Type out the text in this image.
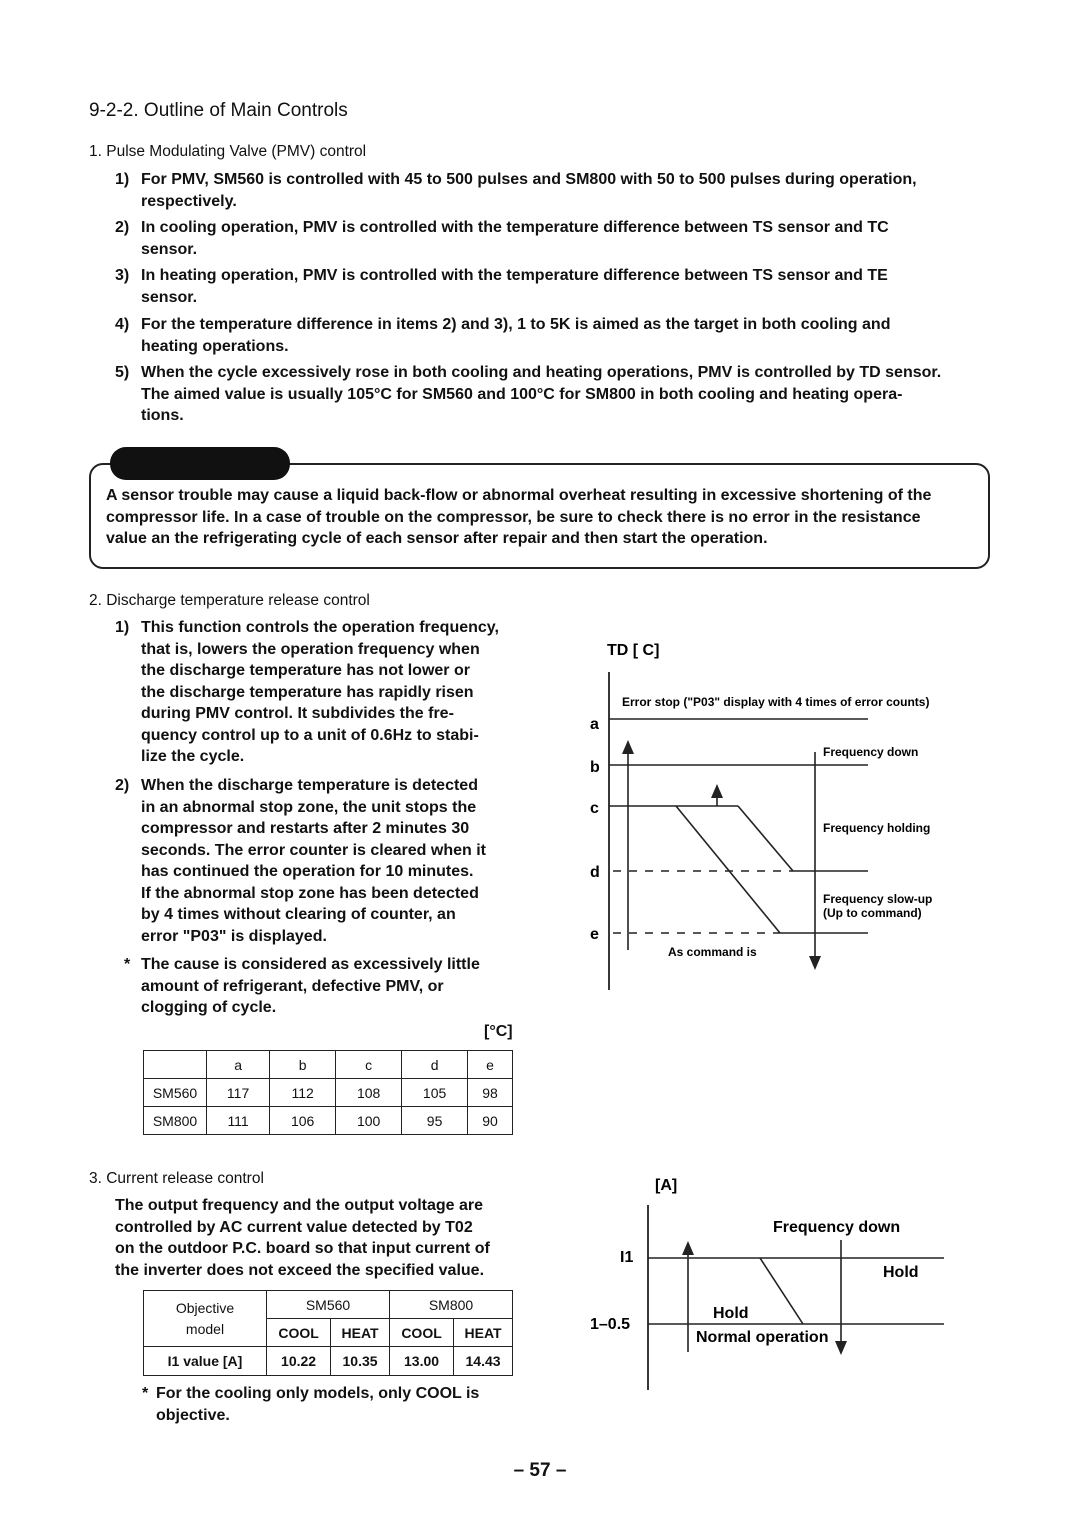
9-2-2. Outline of Main Controls
1. Pulse Modulating Valve (PMV) control
1) For PMV, SM560 is controlled with 45 to 500 pulses and SM800 with 50 to 500 pulses during operation,
respectively.
2) In cooling operation, PMV is controlled with the temperature difference between TS sensor and TC
sensor.
3) In heating operation, PMV is controlled with the temperature difference between TS sensor and TE
sensor.
4) For the temperature difference in items 2) and 3), 1 to 5K is aimed as the target in both cooling and
heating operations.
5) When the cycle excessively rose in both cooling and heating operations, PMV is controlled by TD sensor.
The aimed value is usually 105°C for SM560 and 100°C for SM800 in both cooling and heating opera-
tions.
A sensor trouble may cause a liquid back-flow or abnormal overheat resulting in excessive shortening of the
compressor life. In a case of trouble on the compressor, be sure to check there is no error in the resistance
value an the refrigerating cycle of each sensor after repair and then start the operation.
2. Discharge temperature release control
1) This function controls the operation frequency,
that is, lowers the operation frequency when
the discharge temperature has not lower or
the discharge temperature has rapidly risen
during PMV control. It subdivides the fre-
quency control up to a unit of 0.6Hz to stabi-
lize the cycle.
2) When the discharge temperature is detected
in an abnormal stop zone, the unit stops the
compressor and restarts after 2 minutes 30
seconds. The error counter is cleared when it
has continued the operation for 10 minutes.
If the abnormal stop zone has been detected
by 4 times without clearing of counter, an
error "P03" is displayed.
* The cause is considered as excessively little
amount of refrigerant, defective PMV, or
clogging of cycle.
[°C]
	a	b	c	d	e
SM560	117	112	108	105	98
SM800	111	106	100	95	90
TD [ C]
a
b
c
d
e
Error stop ("P03" display with 4 times of error counts)
Frequency down
Frequency holding
Frequency slow-up
(Up to command)
As command is
3. Current release control
The output frequency and the output voltage are
controlled by AC current value detected by T02
on the outdoor P.C. board so that input current of
the inverter does not exceed the specified value.
Objective
model	SM560		SM800	
	COOL	HEAT	COOL	HEAT
I1 value [A]	10.22	10.35	13.00	14.43
* For the cooling only models, only COOL is
objective.
[A]
I1
1–0.5
Frequency down
Hold
Hold
Normal operation
– 57 –
